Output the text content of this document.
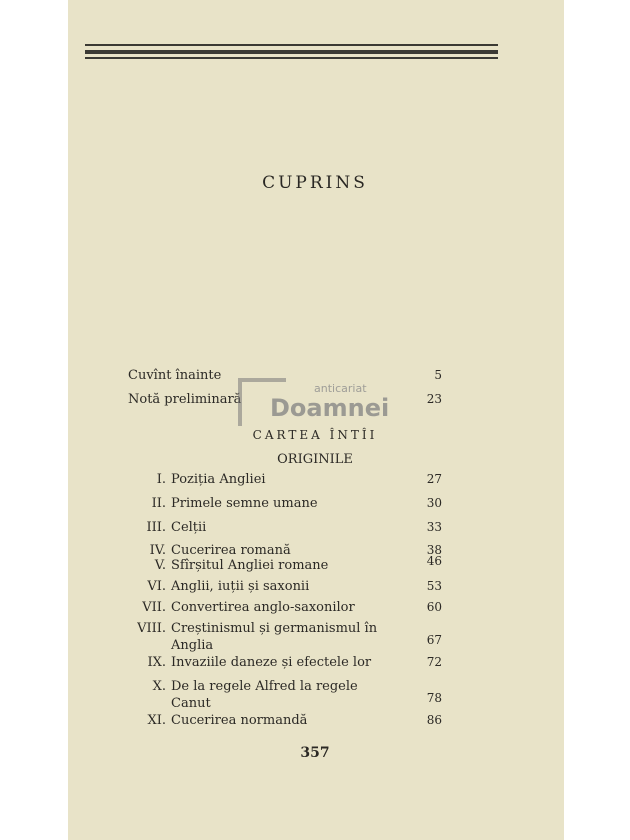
CUPRINS
Cuvînt înainte	5
Notă preliminară	23
anticariat
Doamnei
CARTEA ÎNTÎI
ORIGINILE
I. Poziția Angliei	27
II. Primele semne umane	30
III. Celții	33
IV. Cucerirea romană	38
V. Sfîrșitul Angliei romane	46
VI. Anglii, iuții și saxonii	53
VII. Convertirea anglo-saxonilor	60
VIII. Creștinismul și germanismul în
Anglia	67
IX. Invaziile daneze și efectele lor	72
X. De la regele Alfred la regele
Canut	78
XI. Cucerirea normandă	86
357
